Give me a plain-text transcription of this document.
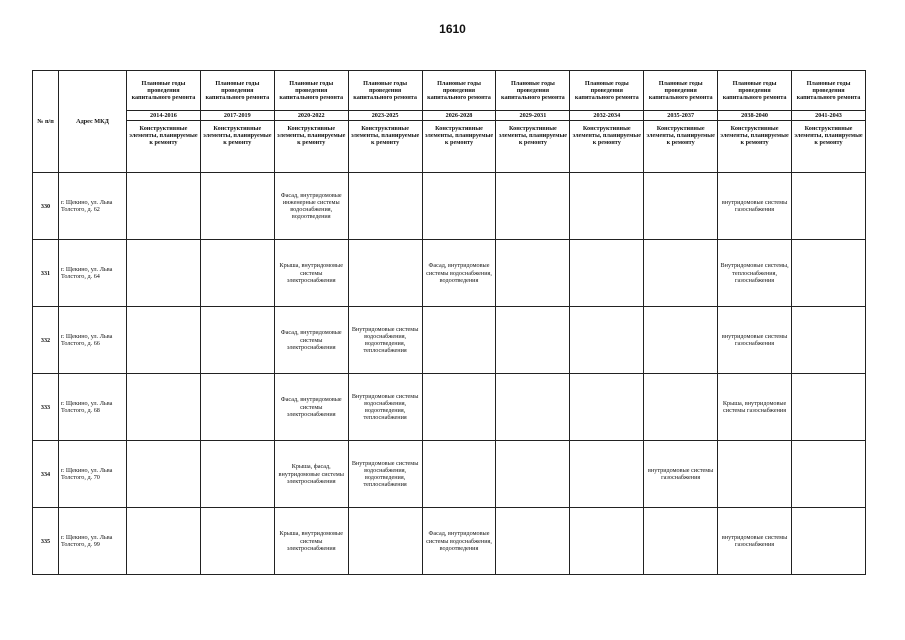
1610
№ п/п	Адрес МКД	Плановые годы проведения капитального ремонта	Плановые годы проведения капитального ремонта	Плановые годы проведения капитального ремонта	Плановые годы проведения капитального ремонта	Плановые годы проведения капитального ремонта	Плановые годы проведения капитального ремонта	Плановые годы проведения капитального ремонта	Плановые годы проведения капитального ремонта	Плановые годы проведения капитального ремонта	Плановые годы проведения капитального ремонта
		2014-2016	2017-2019	2020-2022	2023-2025	2026-2028	2029-2031	2032-2034	2035-2037	2038-2040	2041-2043
		Конструктивные элементы, планируемые к ремонту	Конструктивные элементы, планируемые к ремонту	Конструктивные элементы, планируемые к ремонту	Конструктивные элементы, планируемые к ремонту	Конструктивные элементы, планируемые к ремонту	Конструктивные элементы, планируемые к ремонту	Конструктивные элементы, планируемые к ремонту	Конструктивные элементы, планируемые к ремонту	Конструктивные элементы, планируемые к ремонту	Конструктивные элементы, планируемые к ремонту
330	г. Щекино, ул. Льва Толстого, д. 62			Фасад, внутридомовые инженерные системы водоснабжения, водоотведения						внутридомовые системы газоснабжения	
331	г. Щекино, ул. Льва Толстого, д. 64			Крыша, внутридомовые системы электроснабжения		Фасад, внутридомовые системы водоснабжения, водоотведения				Внутридомовые системы, теплоснабжения, газоснабжения	
332	г. Щекино, ул. Льва Толстого, д. 66			Фасад, внутридомовые системы электроснабжения	Внутридомовые системы водоснабжения, водоотведения, теплоснабжения					внутридомовые системы газоснабжения	
333	г. Щекино, ул. Льва Толстого, д. 68			Фасад, внутридомовые системы электроснабжения	Внутридомовые системы водоснабжения, водоотведения, теплоснабжения					Крыша, внутридомовые системы газоснабжения	
334	г. Щекино, ул. Льва Толстого, д. 70			Крыша, фасад, внутридомовые системы электроснабжения	Внутридомовые системы водоснабжения, водоотведения, теплоснабжения				внутридомовые системы газоснабжения		
335	г. Щекино, ул. Льва Толстого, д. 99			Крыша, внутридомовые системы электроснабжения		Фасад, внутридомовые системы водоснабжения, водоотведения				внутридомовые системы газоснабжения	
